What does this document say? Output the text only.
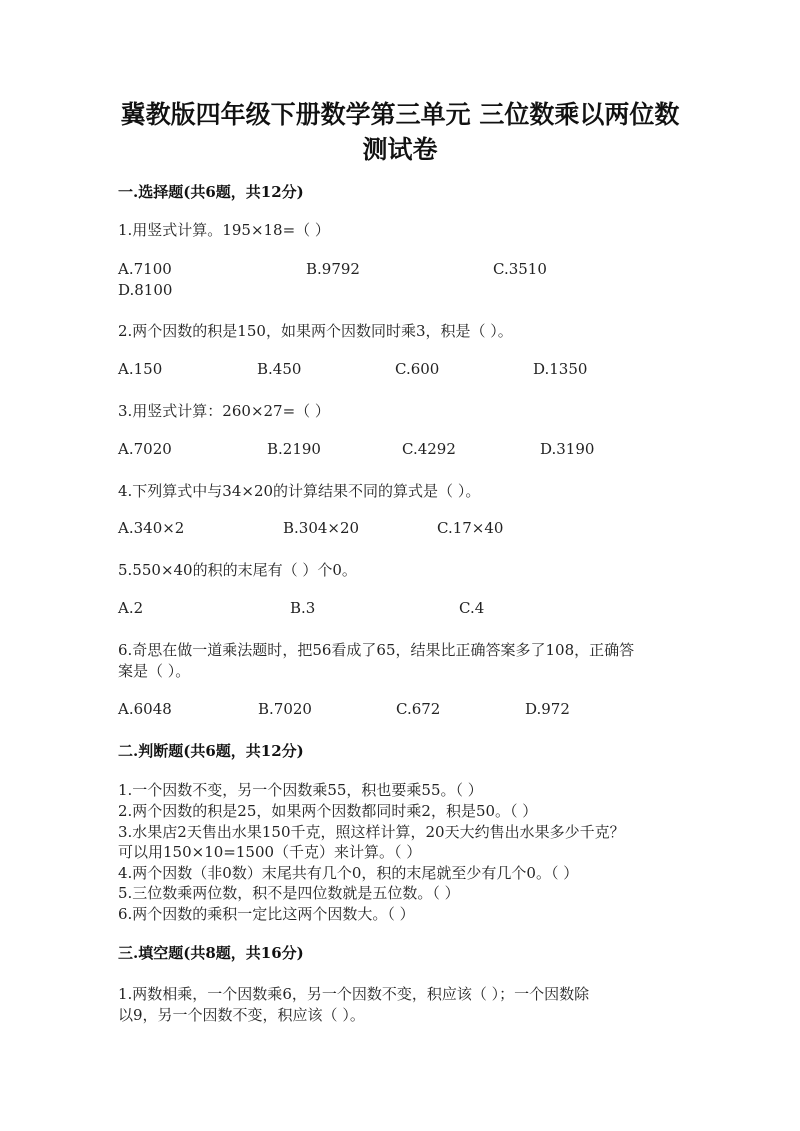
冀教版四年级下册数学第三单元 三位数乘以两位数
测试卷
一.选择题(共6题，共12分)
1.用竖式计算。195×18=（ ）
A.7100	B.9792	C.3510
D.8100
2.两个因数的积是150，如果两个因数同时乘3，积是（ ）。
A.150	B.450	C.600	D.1350
3.用竖式计算：260×27=（ ）
A.7020	B.2190	C.4292	D.3190
4.下列算式中与34×20的计算结果不同的算式是（ ）。
A.340×2	B.304×20	C.17×40
5.550×40的积的末尾有（ ）个0。
A.2	B.3	C.4
6.奇思在做一道乘法题时，把56看成了65，结果比正确答案多了108，正确答
案是（ ）。
A.6048	B.7020	C.672	D.972
二.判断题(共6题，共12分)
1.一个因数不变，另一个因数乘55，积也要乘55。（ ）
2.两个因数的积是25，如果两个因数都同时乘2，积是50。（ ）
3.水果店2天售出水果150千克，照这样计算，20天大约售出水果多少千克？
可以用150×10=1500（千克）来计算。（ ）
4.两个因数（非0数）末尾共有几个0，积的末尾就至少有几个0。（ ）
5.三位数乘两位数，积不是四位数就是五位数。（ ）
6.两个因数的乘积一定比这两个因数大。（ ）
三.填空题(共8题，共16分)
1.两数相乘，一个因数乘6，另一个因数不变，积应该（ ）；一个因数除
以9，另一个因数不变，积应该（ ）。
